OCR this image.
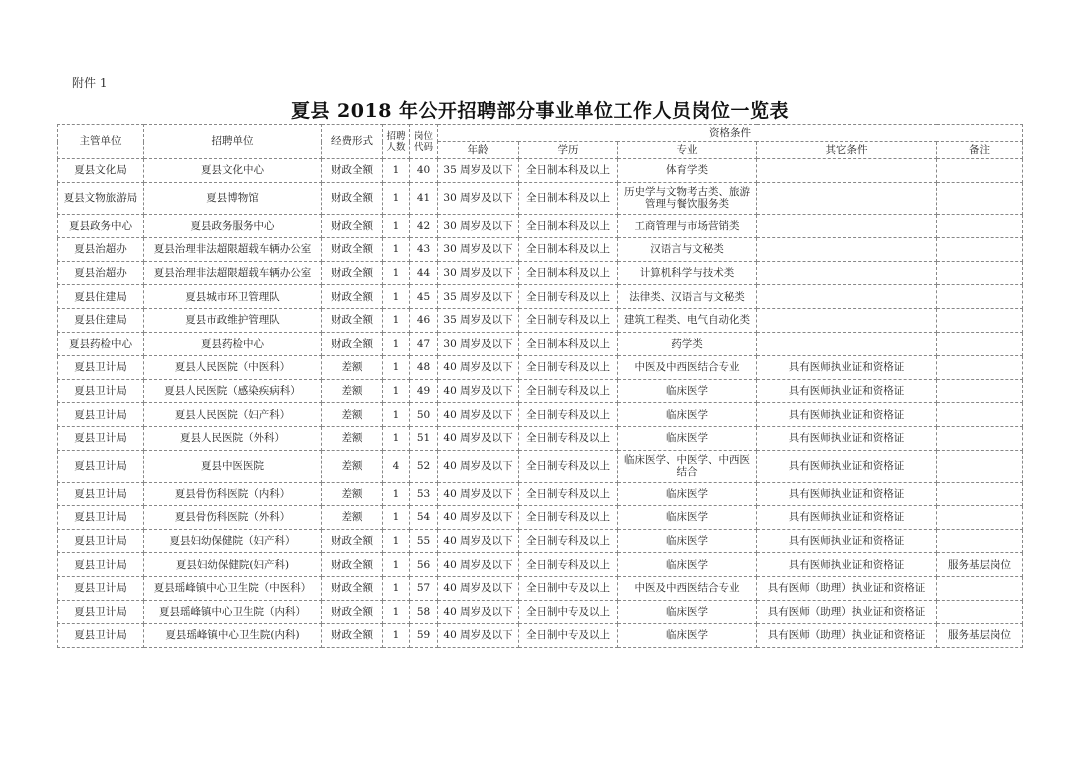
附件 1
夏县 2018 年公开招聘部分事业单位工作人员岗位一览表
主管单位	招聘单位	经费形式	招聘人数	岗位代码	资格条件				
					年龄	学历	专业	其它条件	备注
夏县文化局	夏县文化中心	财政全额	1	40	35 周岁及以下	全日制本科及以上	体育学类		
夏县文物旅游局	夏县博物馆	财政全额	1	41	30 周岁及以下	全日制本科及以上	历史学与文物考古类、旅游管理与餐饮服务类		
夏县政务中心	夏县政务服务中心	财政全额	1	42	30 周岁及以下	全日制本科及以上	工商管理与市场营销类		
夏县治超办	夏县治理非法超限超载车辆办公室	财政全额	1	43	30 周岁及以下	全日制本科及以上	汉语言与文秘类		
夏县治超办	夏县治理非法超限超载车辆办公室	财政全额	1	44	30 周岁及以下	全日制本科及以上	计算机科学与技术类		
夏县住建局	夏县城市环卫管理队	财政全额	1	45	35 周岁及以下	全日制专科及以上	法律类、汉语言与文秘类		
夏县住建局	夏县市政维护管理队	财政全额	1	46	35 周岁及以下	全日制专科及以上	建筑工程类、电气自动化类		
夏县药检中心	夏县药检中心	财政全额	1	47	30 周岁及以下	全日制本科及以上	药学类		
夏县卫计局	夏县人民医院（中医科）	差额	1	48	40 周岁及以下	全日制专科及以上	中医及中西医结合专业	具有医师执业证和资格证	
夏县卫计局	夏县人民医院（感染疾病科）	差额	1	49	40 周岁及以下	全日制专科及以上	临床医学	具有医师执业证和资格证	
夏县卫计局	夏县人民医院（妇产科）	差额	1	50	40 周岁及以下	全日制专科及以上	临床医学	具有医师执业证和资格证	
夏县卫计局	夏县人民医院（外科）	差额	1	51	40 周岁及以下	全日制专科及以上	临床医学	具有医师执业证和资格证	
夏县卫计局	夏县中医医院	差额	4	52	40 周岁及以下	全日制专科及以上	临床医学、中医学、中西医结合	具有医师执业证和资格证	
夏县卫计局	夏县骨伤科医院（内科）	差额	1	53	40 周岁及以下	全日制专科及以上	临床医学	具有医师执业证和资格证	
夏县卫计局	夏县骨伤科医院（外科）	差额	1	54	40 周岁及以下	全日制专科及以上	临床医学	具有医师执业证和资格证	
夏县卫计局	夏县妇幼保健院（妇产科）	财政全额	1	55	40 周岁及以下	全日制专科及以上	临床医学	具有医师执业证和资格证	
夏县卫计局	夏县妇幼保健院(妇产科)	财政全额	1	56	40 周岁及以下	全日制专科及以上	临床医学	具有医师执业证和资格证	服务基层岗位
夏县卫计局	夏县瑶峰镇中心卫生院（中医科）	财政全额	1	57	40 周岁及以下	全日制中专及以上	中医及中西医结合专业	具有医师（助理）执业证和资格证	
夏县卫计局	夏县瑶峰镇中心卫生院（内科）	财政全额	1	58	40 周岁及以下	全日制中专及以上	临床医学	具有医师（助理）执业证和资格证	
夏县卫计局	夏县瑶峰镇中心卫生院(内科)	财政全额	1	59	40 周岁及以下	全日制中专及以上	临床医学	具有医师（助理）执业证和资格证	服务基层岗位
